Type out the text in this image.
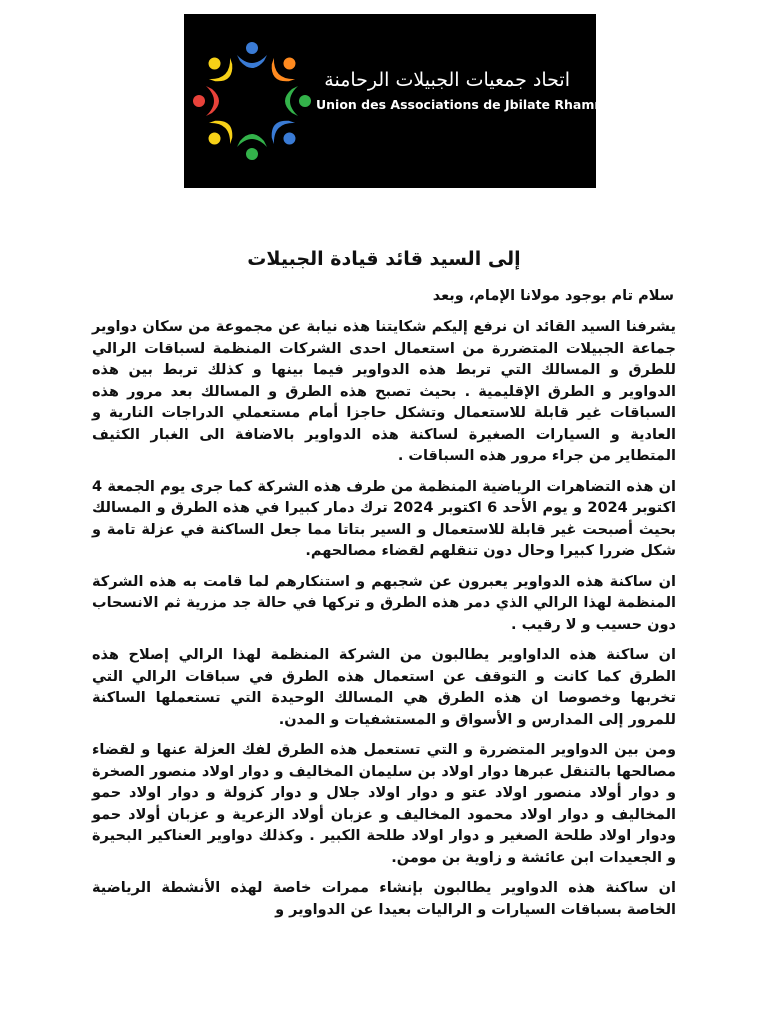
اتحاد جمعيات الجبيلات الرحامنة
Union des Associations de Jbilate Rhamna
إلى السيد قائد قيادة الجبيلات
سلام تام بوجود مولانا الإمام، وبعد

يشرفنا السيد القائد ان نرفع إليكم شكايتنا هذه نيابة عن مجموعة من سكان دواوير جماعة الجبيلات المتضررة من استعمال احدى الشركات المنظمة لسباقات الرالي للطرق و المسالك التي تربط هذه الدواوير فيما بينها و كذلك تربط بين هذه الدواوير و الطرق الإقليمية . بحيث تصبح هذه الطرق و المسالك بعد مرور هذه السباقات غير قابلة للاستعمال وتشكل حاجزا أمام مستعملي الدراجات النارية و العادية و السيارات الصغيرة لساكنة هذه الدواوير بالاضافة الى الغبار الكثيف المتطاير من جراء مرور هذه السباقات .

ان هذه التضاهرات الرياضية المنظمة من طرف هذه الشركة كما جرى يوم الجمعة 4 اكتوبر 2024 و يوم الأحد 6 اكتوبر 2024 ترك دمار كبيرا في هذه الطرق و المسالك بحيث أصبحت غير قابلة للاستعمال و السير بتاتا مما جعل الساكنة في عزلة تامة و شكل ضررا كبيرا وحال دون تنقلهم لقضاء مصالحهم.

ان ساكنة هذه الدواوير يعبرون عن شجبهم و استنكارهم لما قامت به هذه الشركة المنظمة لهذا الرالي الذي دمر هذه الطرق و تركها في حالة جد مزرية ثم الانسحاب دون حسيب و لا رقيب .

ان ساكنة هذه الداواوير يطالبون من الشركة المنظمة لهذا الرالي إصلاح هذه الطرق كما كانت و التوقف عن استعمال هذه الطرق في سباقات الرالي التي تخربها وخصوصا ان هذه الطرق هي المسالك الوحيدة التي تستعملها الساكنة للمرور إلى المدارس و الأسواق و المستشفيات و المدن.

ومن بين الدواوير المتضررة و التي تستعمل هذه الطرق لفك العزلة عنها و لقضاء مصالحها بالتنقل عبرها دوار اولاد بن سليمان المخاليف و دوار اولاد منصور الصخرة و دوار أولاد منصور اولاد عتو و دوار اولاد جلال و دوار كزولة و دوار اولاد حمو المخاليف و دوار اولاد محمود المخاليف و عزبان أولاد الزعرية و عزبان أولاد حمو ودوار اولاد طلحة الصغير و دوار اولاد طلحة الكبير . وكذلك دواوير العناكير البحيرة و الجعيدات ابن عائشة و زاوية بن مومن.

ان ساكنة هذه الدواوير يطالبون بإنشاء ممرات خاصة لهذه الأنشطة الرياضية الخاصة بسباقات السيارات و الراليات بعيدا عن الدواوير و
